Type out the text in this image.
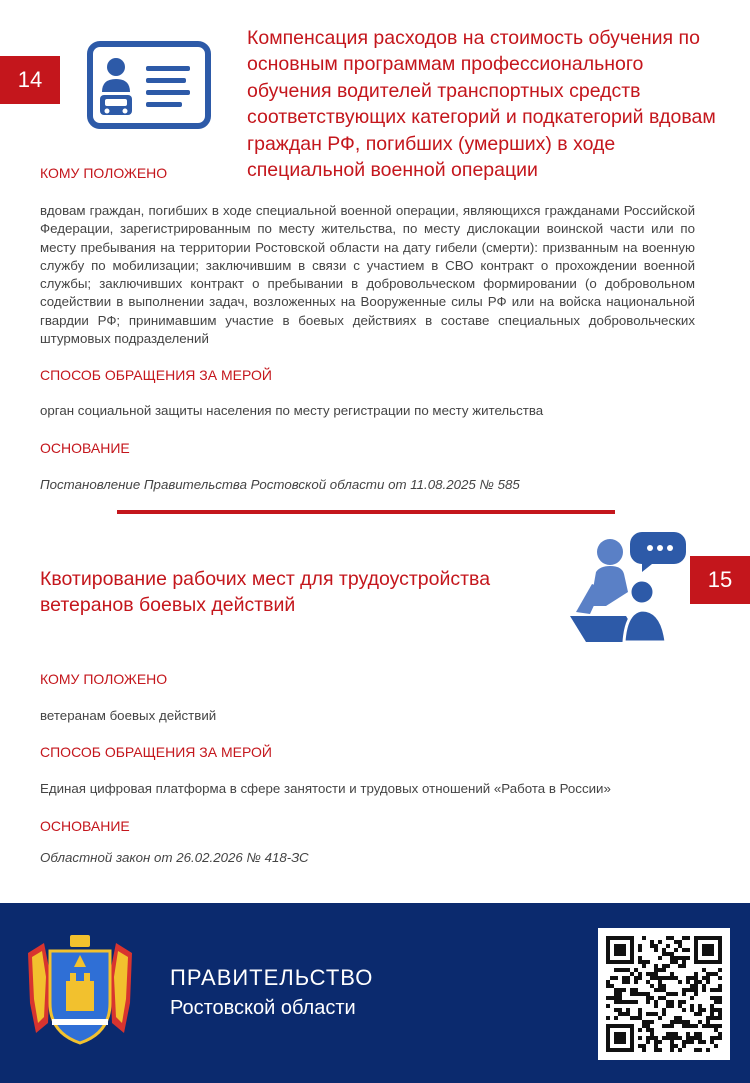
14
Компенсация расходов на стоимость обучения по основным программам профессионального обучения водителей транспортных средств соответствующих категорий и подкатегорий вдовам граждан РФ, погибших (умерших) в ходе специальной военной операции
КОМУ ПОЛОЖЕНО
вдовам граждан, погибших в ходе специальной военной операции, являющихся гражданами Российской Федерации, зарегистрированным по месту жительства, по месту дислокации воинской части или по месту пребывания на территории Ростовской области на дату гибели (смерти): призванным на военную службу по мобилизации; заключившим в связи с участием в СВО контракт о прохождении военной службы; заключивших контракт о пребывании в добровольческом формировании (о добровольном содействии в выполнении задач, возложенных на Вооруженные силы РФ или на войска национальной гвардии РФ; принимавшим участие в боевых действиях в составе специальных добровольческих штурмовых подразделений
СПОСОБ ОБРАЩЕНИЯ ЗА МЕРОЙ
орган социальной защиты населения по месту регистрации по месту жительства
ОСНОВАНИЕ
Постановление Правительства Ростовской области от 11.08.2025 № 585
15
Квотирование рабочих мест для трудоустройства ветеранов боевых действий
КОМУ ПОЛОЖЕНО
ветеранам боевых действий
СПОСОБ ОБРАЩЕНИЯ ЗА МЕРОЙ
Единая цифровая платформа в сфере занятости и трудовых отношений «Работа в России»
ОСНОВАНИЕ
Областной закон от 26.02.2026 № 418-ЗС
ПРАВИТЕЛЬСТВО
Ростовской области
